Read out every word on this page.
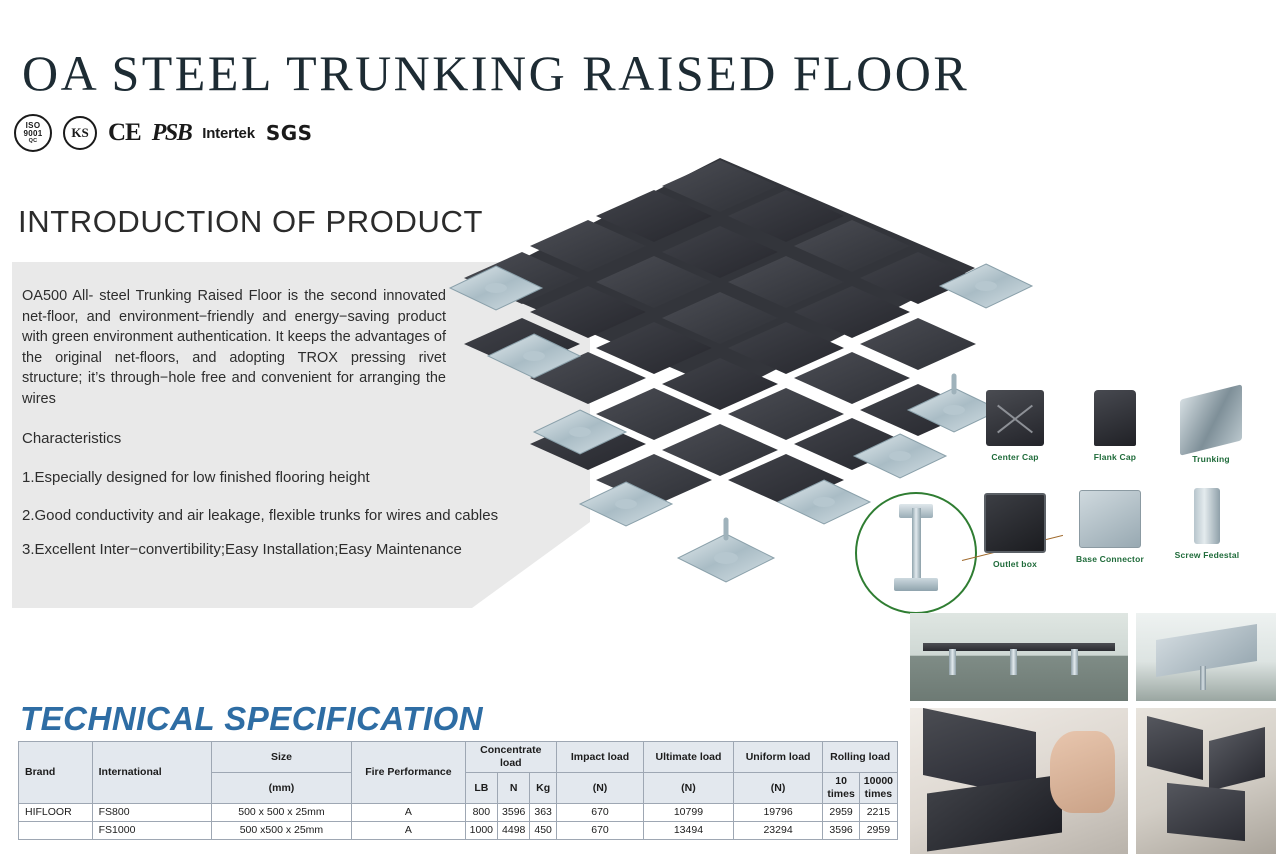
OA STEEL TRUNKING RAISED FLOOR
ISO
9001
QC
KS CE PSB Intertek SGS
INTRODUCTION OF PRODUCT
OA500 All- steel Trunking Raised Floor is the second innovated net-floor, and environment−friendly and energy−saving product with green environment authentication. It keeps the advantages of the original net-floors, and adopting TROX pressing rivet structure; it’s through−hole free and convenient for arranging the wires
Characteristics
1.Especially designed for low finished flooring height
2.Good conductivity and air leakage, flexible trunks for wires and cables
3.Excellent Inter−convertibility;Easy Installation;Easy Maintenance
Center Cap	Flank Cap	Trunking
Outlet box	Base Connector	Screw Fedestal
TECHNICAL SPECIFICATION
Brand	International	Size	Fire Performance	Concentrate load			Impact load	Ultimate load	Uniform load	Rolling load	
		(mm)		LB	N	Kg	(N)	(N)	(N)	10 times	10000 times
HIFLOOR	FS800	500 x 500 x 25mm	A	800	3596	363	670	10799	19796	2959	2215
	FS1000	500 x500 x 25mm	A	1000	4498	450	670	13494	23294	3596	2959
